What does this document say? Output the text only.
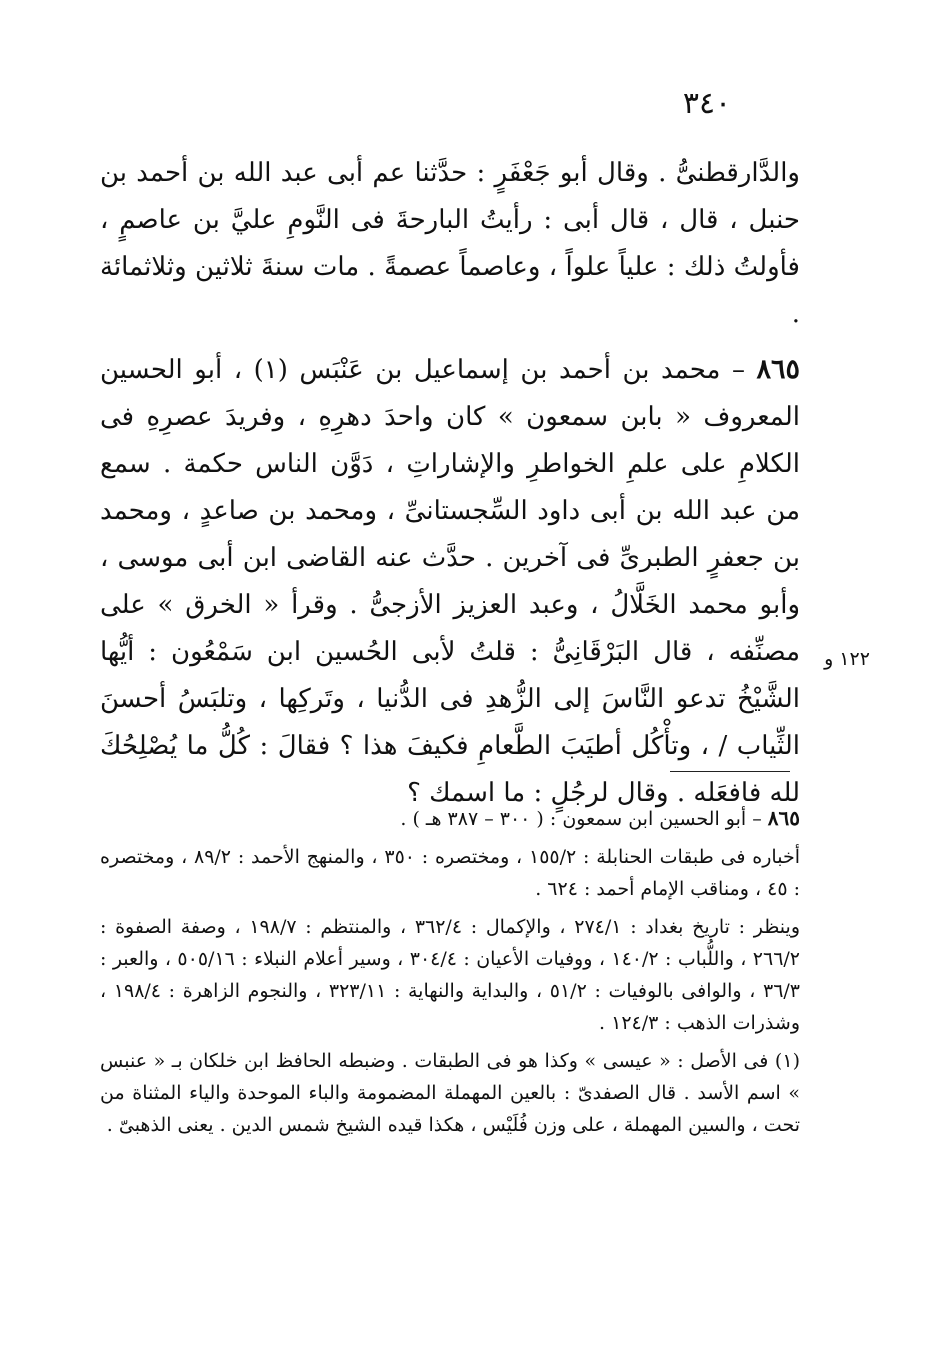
٣٤٠

والدَّارقطنىُّ . وقال أبو جَعْفَرٍ : حدَّثنا عم أبى عبد الله بن أحمد بن حنبل ، قال ، قال أبى : رأيتُ البارحةَ فى النَّومِ عليَّ بن عاصمٍ ، فأولتُ ذلك : علياً علواً ، وعاصماً عصمةً . مات سنةَ ثلاثين وثلاثمائة .

٨٦٥ – محمد بن أحمد بن إسماعيل بن عَنْبَس (١) ، أبو الحسين المعروف « بابن سمعون » كان واحدَ دهرِهِ ، وفريدَ عصرِهِ فى الكلامِ على علمِ الخواطرِ والإشاراتِ ، دَوَّن الناس حكمة . سمع من عبد الله بن أبى داود السِّجستانىِّ ، ومحمد بن صاعدٍ ، ومحمد بن جعفرٍ الطبرىِّ فى آخرين . حدَّث عنه القاضى ابن أبى موسى ، وأبو محمد الخَلَّالُ ، وعبد العزيز الأزجىُّ . وقرأ « الخرق » على مصنِّفه ، قال البَرْقَانِىُّ : قلتُ لأبى الحُسين ابن سَمْعُون : أيُّها الشَّيْخُ تدعو النَّاسَ إلى الزُّهدِ فى الدُّنيا ، وتَركِها ، وتلبَسُ أحسنَ الثِّياب / ، وتأْكُل أطيَبَ الطَّعامِ فكيفَ هذا ؟ فقالَ : كُلُّ ما يُصْلِحُكَ لله فافعَله . وقال لرجُلٍ : ما اسمك ؟

١٢٢ و

٨٦٥ – أبو الحسين ابن سمعون : ( ٣٠٠ – ٣٨٧ هـ ) .

أخباره فى طبقات الحنابلة : ١٥٥/٢ ، ومختصره : ٣٥٠ ، والمنهج الأحمد : ٨٩/٢ ، ومختصره : ٤٥ ، ومناقب الإمام أحمد : ٦٢٤ .

وينظر : تاريخ بغداد : ٢٧٤/١ ، والإكمال : ٣٦٢/٤ ، والمنتظم : ١٩٨/٧ ، وصفة الصفوة : ٢٦٦/٢ ، واللُّباب : ١٤٠/٢ ، ووفيات الأعيان : ٣٠٤/٤ ، وسير أعلام النبلاء : ٥٠٥/١٦ ، والعبر : ٣٦/٣ ، والوافى بالوفيات : ٥١/٢ ، والبداية والنهاية : ٣٢٣/١١ ، والنجوم الزاهرة : ١٩٨/٤ ، وشذرات الذهب : ١٢٤/٣ .

(١) فى الأصل : « عيسى » وكذا هو فى الطبقات . وضبطه الحافظ ابن خلكان بـ « عنبس » اسم الأسد . قال الصفدىّ : بالعين المهملة المضمومة والباء الموحدة والياء المثناة من تحت ، والسين المهملة ، على وزن فُلَيْس ، هكذا قيده الشيخ شمس الدين . يعنى الذهبىّ .
